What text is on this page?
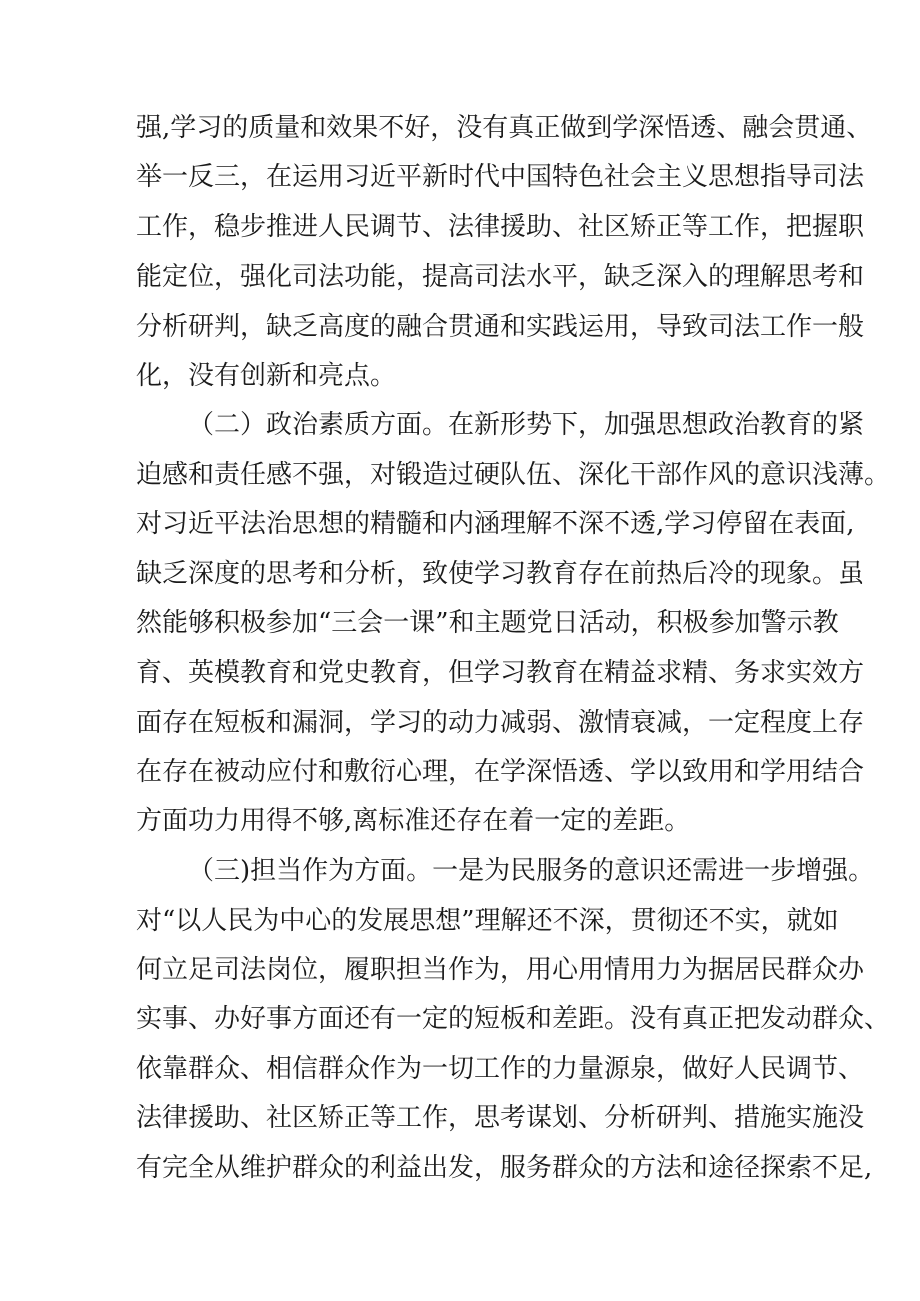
强,学习的质量和效果不好，没有真正做到学深悟透、融会贯通、
举一反三，在运用习近平新时代中国特色社会主义思想指导司法
工作，稳步推进人民调节、法律援助、社区矫正等工作，把握职
能定位，强化司法功能，提高司法水平，缺乏深入的理解思考和
分析研判，缺乏高度的融合贯通和实践运用，导致司法工作一般
化，没有创新和亮点。
（二）政治素质方面。在新形势下，加强思想政治教育的紧
迫感和责任感不强，对锻造过硬队伍、深化干部作风的意识浅薄。
对习近平法治思想的精髓和内涵理解不深不透,学习停留在表面,
缺乏深度的思考和分析，致使学习教育存在前热后冷的现象。虽
然能够积极参加“三会一课”和主题党日活动，积极参加警示教
育、英模教育和党史教育，但学习教育在精益求精、务求实效方
面存在短板和漏洞，学习的动力减弱、激情衰减，一定程度上存
在存在被动应付和敷衍心理，在学深悟透、学以致用和学用结合
方面功力用得不够,离标准还存在着一定的差距。
（三)担当作为方面。一是为民服务的意识还需进一步增强。
对“以人民为中心的发展思想”理解还不深，贯彻还不实，就如
何立足司法岗位，履职担当作为，用心用情用力为据居民群众办
实事、办好事方面还有一定的短板和差距。没有真正把发动群众、
依靠群众、相信群众作为一切工作的力量源泉，做好人民调节、
法律援助、社区矫正等工作，思考谋划、分析研判、措施实施没
有完全从维护群众的利益出发，服务群众的方法和途径探索不足,
